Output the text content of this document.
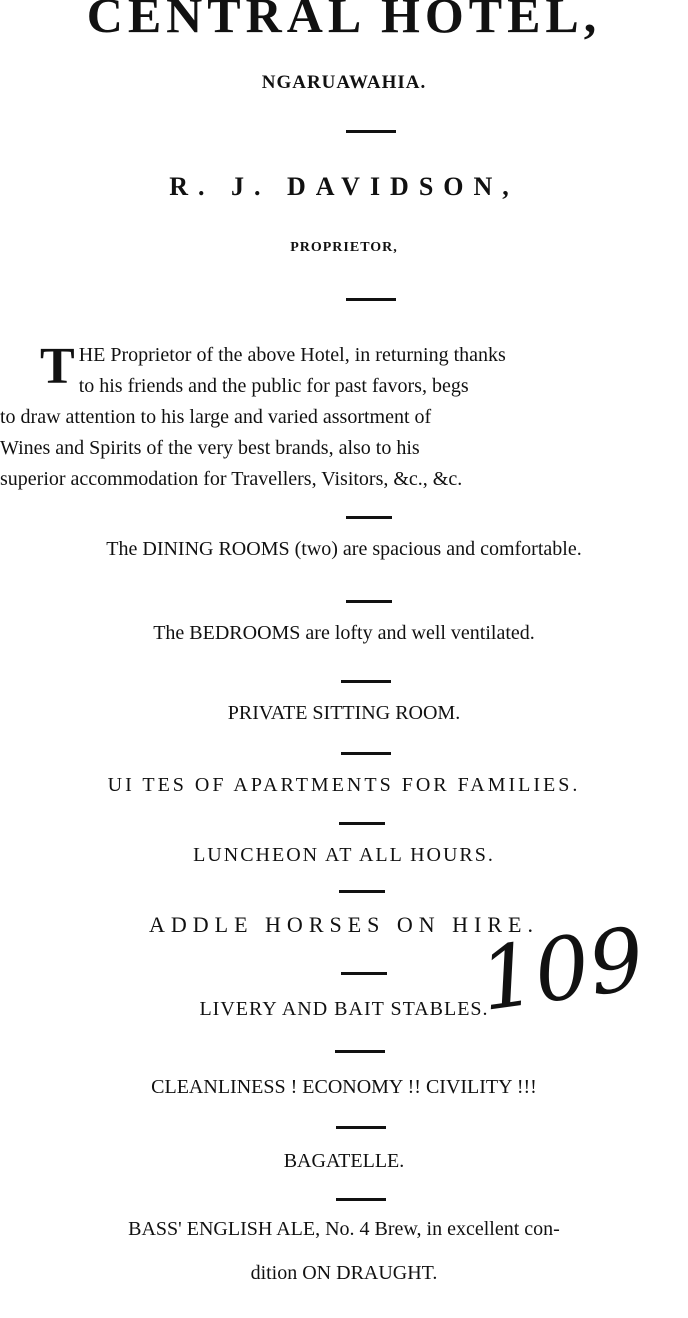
CENTRAL HOTEL,
NGARUAWAHIA.
R. J. DAVIDSON,
PROPRIETOR,
T HE Proprietor of the above Hotel, in returning thanks
to his friends and the public for past favors, begs
to draw attention to his large and varied assortment of
Wines and Spirits of the very best brands, also to his
superior accommodation for Travellers, Visitors, &c., &c.
The DINING ROOMS (two) are spacious and comfortable.
The BEDROOMS are lofty and well ventilated.
PRIVATE SITTING ROOM.
UI TES OF APARTMENTS FOR FAMILIES.
LUNCHEON AT ALL HOURS.
ADDLE HORSES ON HIRE.
LIVERY AND BAIT STABLES.
CLEANLINESS ! ECONOMY !! CIVILITY !!!
BAGATELLE.
BASS' ENGLISH ALE, No. 4 Brew, in excellent con-
dition ON DRAUGHT.
109
